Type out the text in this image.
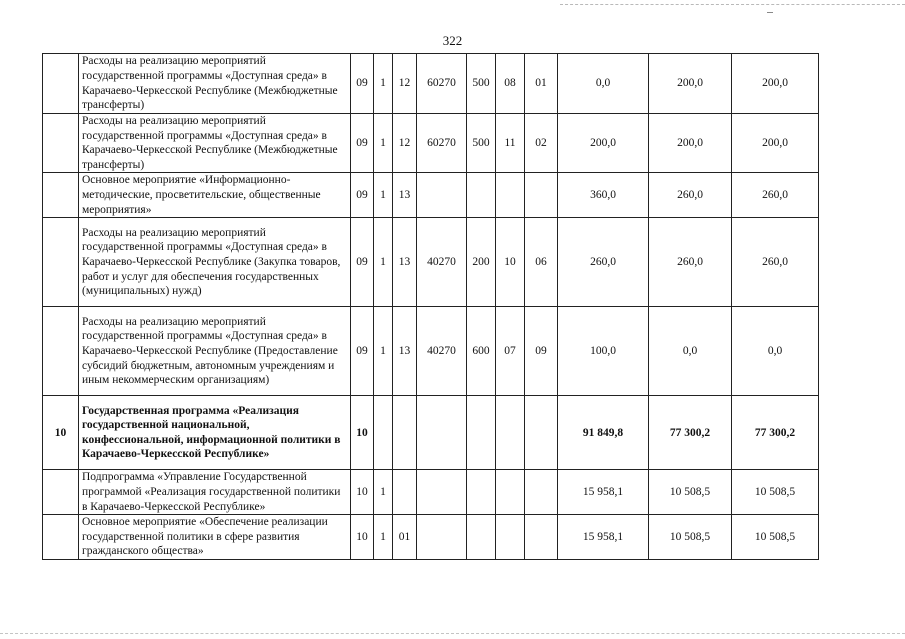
322
	Расходы на реализацию мероприятий государственной программы «Доступная среда» в Карачаево-Черкесской Республике (Межбюджетные трансферты)	09	1	12	60270	500	08	01	0,0	200,0	200,0
	Расходы на реализацию мероприятий государственной программы «Доступная среда» в Карачаево-Черкесской Республике (Межбюджетные трансферты)	09	1	12	60270	500	11	02	200,0	200,0	200,0
	Основное мероприятие «Информационно-методические, просветительские, общественные мероприятия»	09	1	13					360,0	260,0	260,0
	Расходы на реализацию мероприятий государственной программы «Доступная среда» в Карачаево-Черкесской Республике (Закупка товаров, работ и услуг для обеспечения государственных (муниципальных) нужд)	09	1	13	40270	200	10	06	260,0	260,0	260,0
	Расходы на реализацию мероприятий государственной программы «Доступная среда» в Карачаево-Черкесской Республике (Предоставление субсидий бюджетным, автономным учреждениям и иным некоммерческим организациям)	09	1	13	40270	600	07	09	100,0	0,0	0,0
10	Государственная программа «Реализация государственной национальной, конфессиональной, информационной политики в Карачаево-Черкесской Республике»	10							91 849,8	77 300,2	77 300,2
	Подпрограмма «Управление Государственной программой «Реализация государственной политики в Карачаево-Черкесской Республике»	10	1						15 958,1	10 508,5	10 508,5
	Основное мероприятие «Обеспечение реализации государственной политики в сфере развития гражданского общества»	10	1	01					15 958,1	10 508,5	10 508,5
